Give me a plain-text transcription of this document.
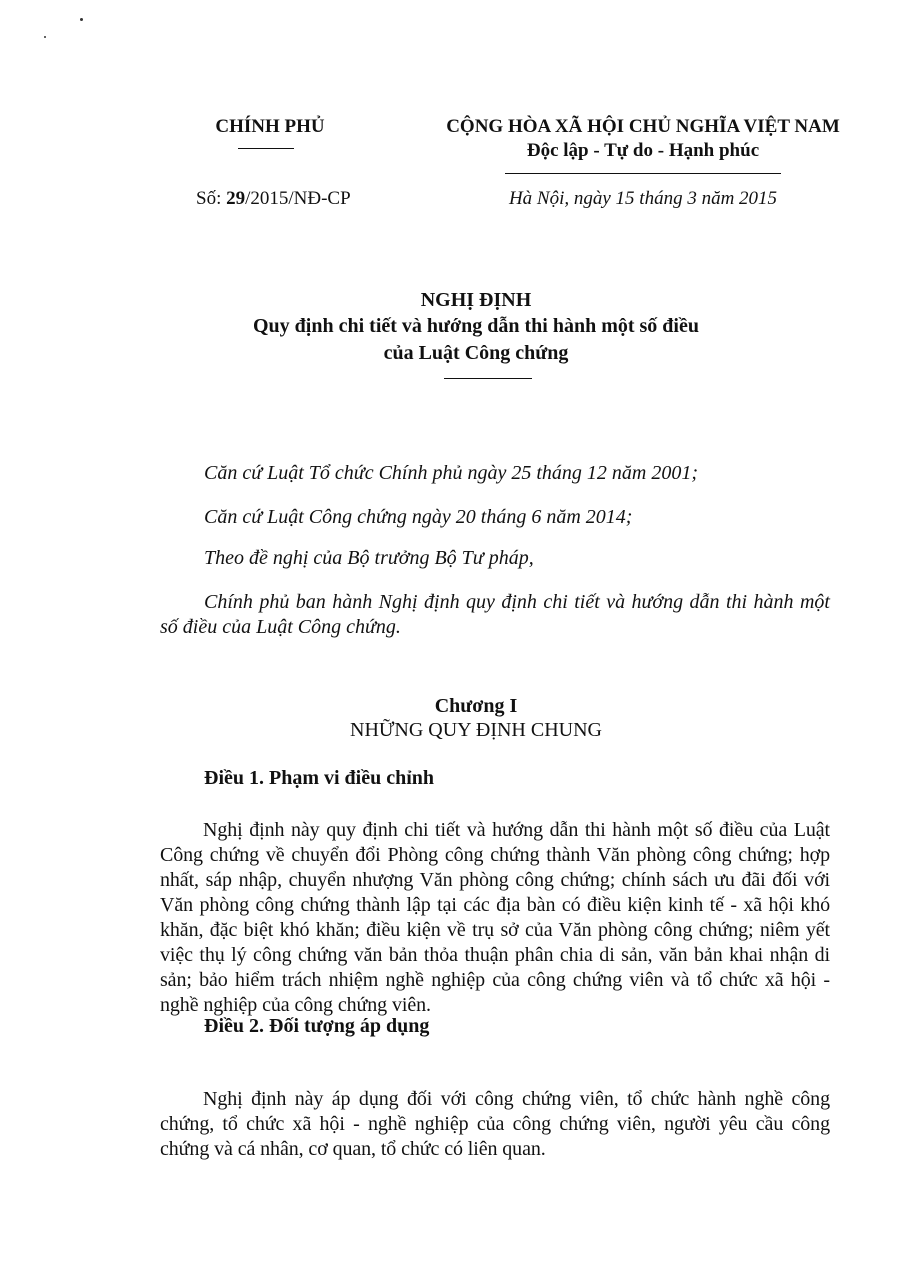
CHÍNH PHỦ
Số: 29/2015/NĐ-CP
CỘNG HÒA XÃ HỘI CHỦ NGHĨA VIỆT NAM
Độc lập - Tự do - Hạnh phúc
Hà Nội, ngày 15 tháng 3 năm 2015
NGHỊ ĐỊNH
Quy định chi tiết và hướng dẫn thi hành một số điều
của Luật Công chứng
Căn cứ Luật Tổ chức Chính phủ ngày 25 tháng 12 năm 2001;
Căn cứ Luật Công chứng ngày 20 tháng 6 năm 2014;
Theo đề nghị của Bộ trưởng Bộ Tư pháp,
Chính phủ ban hành Nghị định quy định chi tiết và hướng dẫn thi hành một số điều của Luật Công chứng.
Chương I
NHỮNG QUY ĐỊNH CHUNG
Điều 1. Phạm vi điều chỉnh
Nghị định này quy định chi tiết và hướng dẫn thi hành một số điều của Luật Công chứng về chuyển đổi Phòng công chứng thành Văn phòng công chứng; hợp nhất, sáp nhập, chuyển nhượng Văn phòng công chứng; chính sách ưu đãi đối với Văn phòng công chứng thành lập tại các địa bàn có điều kiện kinh tế - xã hội khó khăn, đặc biệt khó khăn; điều kiện về trụ sở của Văn phòng công chứng; niêm yết việc thụ lý công chứng văn bản thỏa thuận phân chia di sản, văn bản khai nhận di sản; bảo hiểm trách nhiệm nghề nghiệp của công chứng viên và tổ chức xã hội - nghề nghiệp của công chứng viên.
Điều 2. Đối tượng áp dụng
Nghị định này áp dụng đối với công chứng viên, tổ chức hành nghề công chứng, tổ chức xã hội - nghề nghiệp của công chứng viên, người yêu cầu công chứng và cá nhân, cơ quan, tổ chức có liên quan.
